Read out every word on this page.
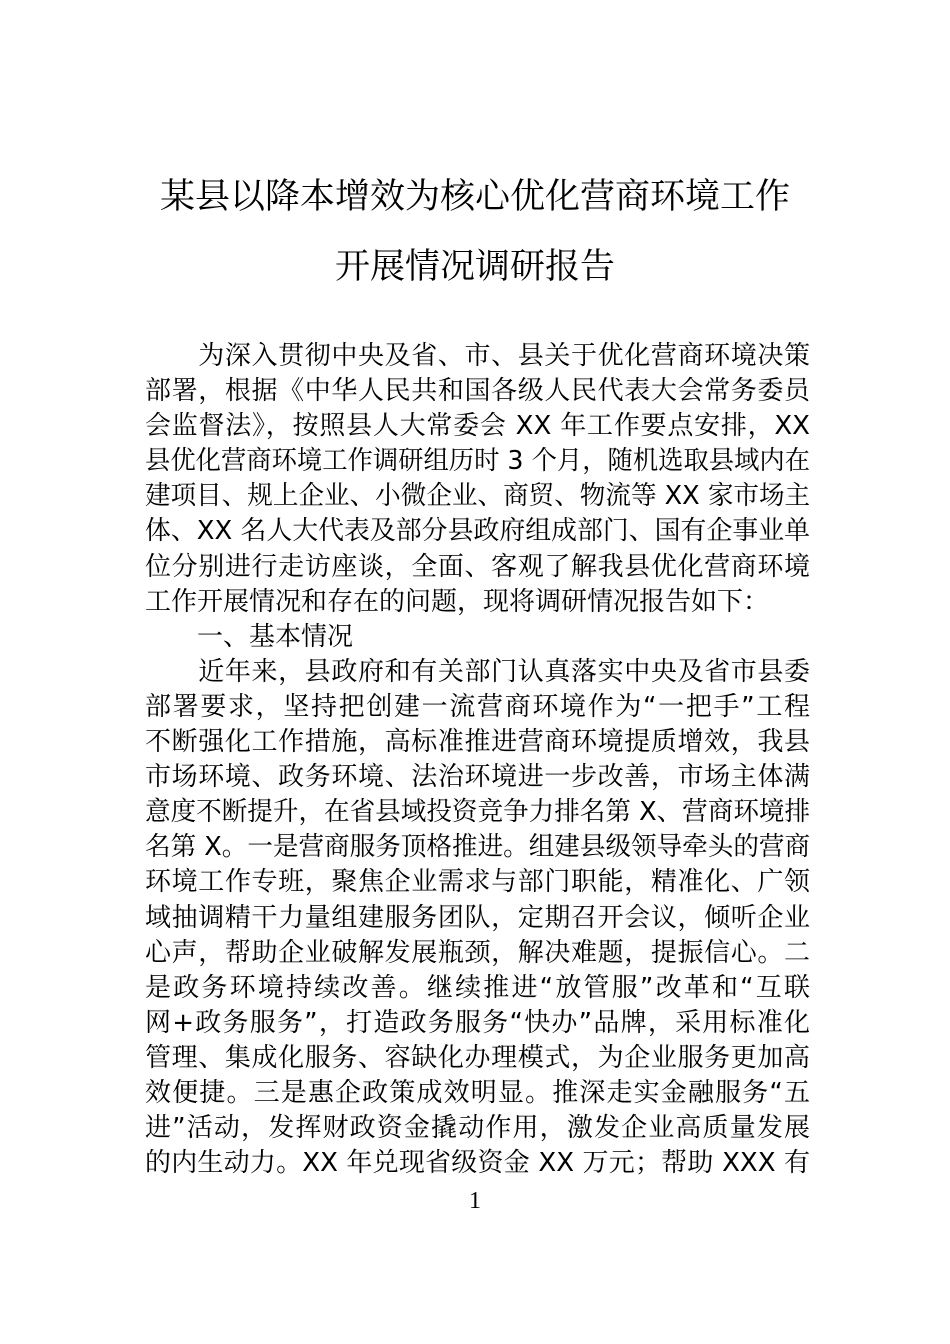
某县以降本增效为核心优化营商环境工作
开展情况调研报告
　　为深入贯彻中央及省、市、县关于优化营商环境决策
部署，根据《中华人民共和国各级人民代表大会常务委员
会监督法》，按照县人大常委会 XX 年工作要点安排，XX
县优化营商环境工作调研组历时 3 个月，随机选取县域内在
建项目、规上企业、小微企业、商贸、物流等 XX 家市场主
体、XX 名人大代表及部分县政府组成部门、国有企事业单
位分别进行走访座谈，全面、客观了解我县优化营商环境
工作开展情况和存在的问题，现将调研情况报告如下：
　　一、基本情况
　　近年来，县政府和有关部门认真落实中央及省市县委
部署要求，坚持把创建一流营商环境作为“一把手”工程
不断强化工作措施，高标准推进营商环境提质增效，我县
市场环境、政务环境、法治环境进一步改善，市场主体满
意度不断提升，在省县域投资竞争力排名第 X、营商环境排
名第 X。一是营商服务顶格推进。组建县级领导牵头的营商
环境工作专班，聚焦企业需求与部门职能，精准化、广领
域抽调精干力量组建服务团队，定期召开会议，倾听企业
心声，帮助企业破解发展瓶颈，解决难题，提振信心。二
是政务环境持续改善。继续推进“放管服”改革和“互联
网+政务服务”，打造政务服务“快办”品牌，采用标准化
管理、集成化服务、容缺化办理模式，为企业服务更加高
效便捷。三是惠企政策成效明显。推深走实金融服务“五
进”活动，发挥财政资金撬动作用，激发企业高质量发展
的内生动力。XX 年兑现省级资金 XX 万元；帮助 XXX 有
1
